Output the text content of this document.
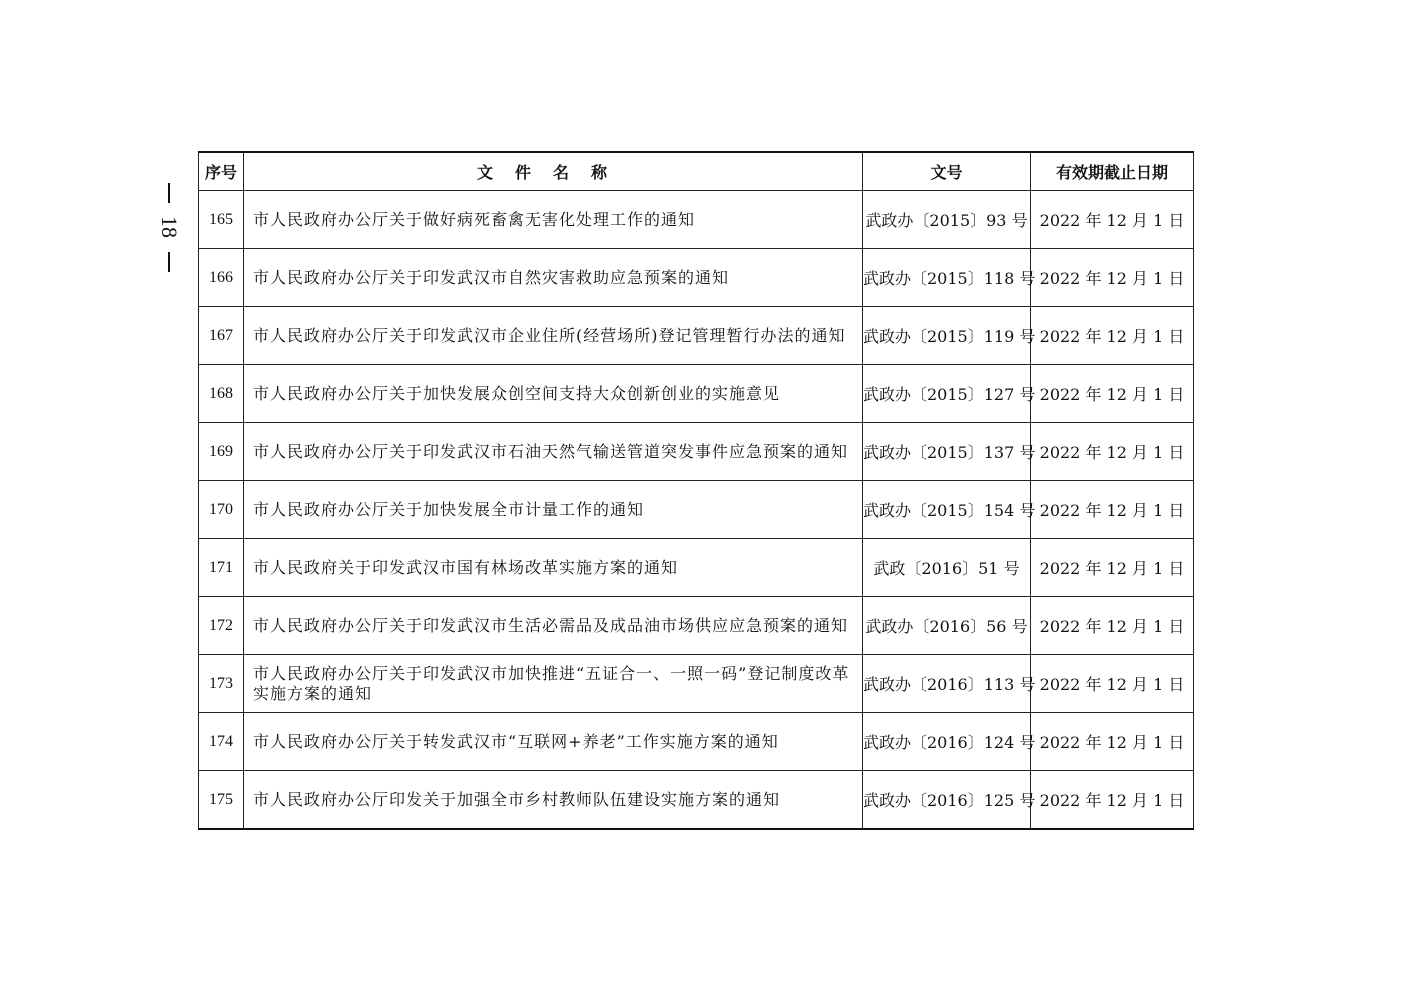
18
序号	文件名称	文号	有效期截止日期
165	市人民政府办公厅关于做好病死畜禽无害化处理工作的通知	武政办〔2015〕93 号	2022 年 12 月 1 日
166	市人民政府办公厅关于印发武汉市自然灾害救助应急预案的通知	武政办〔2015〕118 号	2022 年 12 月 1 日
167	市人民政府办公厅关于印发武汉市企业住所(经营场所)登记管理暂行办法的通知	武政办〔2015〕119 号	2022 年 12 月 1 日
168	市人民政府办公厅关于加快发展众创空间支持大众创新创业的实施意见	武政办〔2015〕127 号	2022 年 12 月 1 日
169	市人民政府办公厅关于印发武汉市石油天然气输送管道突发事件应急预案的通知	武政办〔2015〕137 号	2022 年 12 月 1 日
170	市人民政府办公厅关于加快发展全市计量工作的通知	武政办〔2015〕154 号	2022 年 12 月 1 日
171	市人民政府关于印发武汉市国有林场改革实施方案的通知	武政〔2016〕51 号	2022 年 12 月 1 日
172	市人民政府办公厅关于印发武汉市生活必需品及成品油市场供应应急预案的通知	武政办〔2016〕56 号	2022 年 12 月 1 日
173	市人民政府办公厅关于印发武汉市加快推进“五证合一、一照一码”登记制度改革实施方案的通知	武政办〔2016〕113 号	2022 年 12 月 1 日
174	市人民政府办公厅关于转发武汉市“互联网+养老”工作实施方案的通知	武政办〔2016〕124 号	2022 年 12 月 1 日
175	市人民政府办公厅印发关于加强全市乡村教师队伍建设实施方案的通知	武政办〔2016〕125 号	2022 年 12 月 1 日
